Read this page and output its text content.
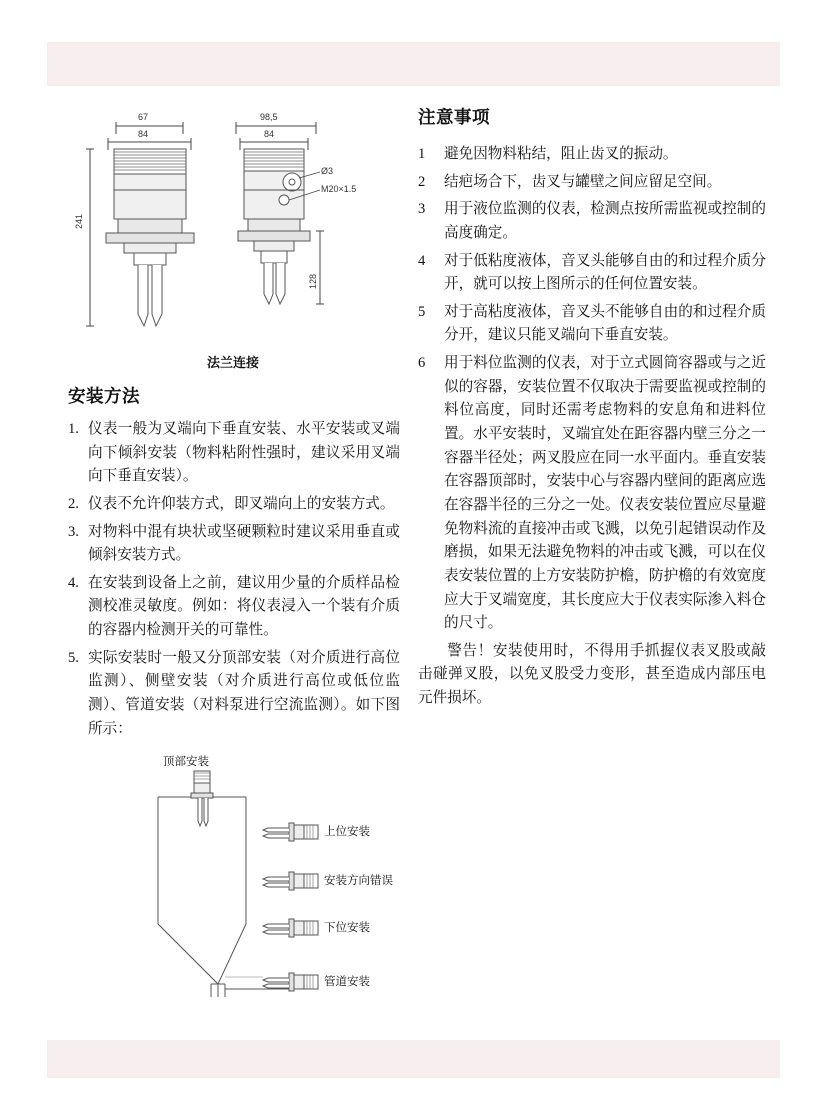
67
84
241
98,5
84
128
Ø3
M20×1.5
法兰连接
安装方法
1. 仪表一般为叉端向下垂直安装、水平安装或叉端向下倾斜安装（物料粘附性强时，建议采用叉端向下垂直安装）。
2. 仪表不允许仰装方式，即叉端向上的安装方式。
3. 对物料中混有块状或坚硬颗粒时建议采用垂直或倾斜安装方式。
4. 在安装到设备上之前，建议用少量的介质样品检测校准灵敏度。例如：将仪表浸入一个装有介质的容器内检测开关的可靠性。
5. 实际安装时一般又分顶部安装（对介质进行高位监测）、侧壁安装（对介质进行高位或低位监测）、管道安装（对料泵进行空流监测）。如下图所示：
顶部安装
上位安装
安装方向错误
下位安装
管道安装
注意事项
1	避免因物料粘结，阻止齿叉的振动。
2	结疤场合下，齿叉与罐壁之间应留足空间。
3	用于液位监测的仪表，检测点按所需监视或控制的高度确定。
4	对于低粘度液体，音叉头能够自由的和过程介质分开，就可以按上图所示的任何位置安装。
5	对于高粘度液体，音叉头不能够自由的和过程介质分开，建议只能叉端向下垂直安装。
6	用于料位监测的仪表，对于立式圆筒容器或与之近似的容器，安装位置不仅取决于需要监视或控制的料位高度，同时还需考虑物料的安息角和进料位置。水平安装时，叉端宜处在距容器内壁三分之一容器半径处；两叉股应在同一水平面内。垂直安装在容器顶部时，安装中心与容器内壁间的距离应选在容器半径的三分之一处。仪表安装位置应尽量避免物料流的直接冲击或飞溅，以免引起错误动作及磨损，如果无法避免物料的冲击或飞溅，可以在仪表安装位置的上方安装防护檐，防护檐的有效宽度应大于叉端宽度，其长度应大于仪表实际渗入料仓的尺寸。

警告！安装使用时，不得用手抓握仪表叉股或敲击碰弹叉股，以免叉股受力变形，甚至造成内部压电元件损坏。
